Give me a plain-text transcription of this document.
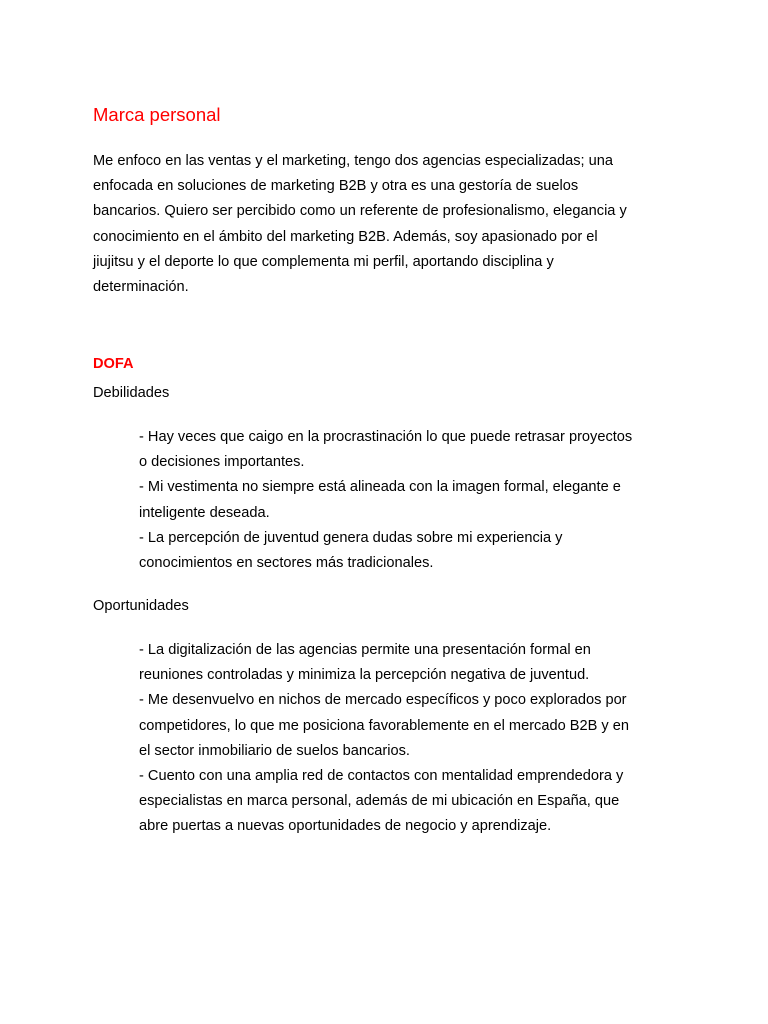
Marca personal

Me enfoco en las ventas y el marketing, tengo dos agencias especializadas; una
enfocada en soluciones de marketing B2B y otra es una gestoría de suelos
bancarios. Quiero ser percibido como un referente de profesionalismo, elegancia y
conocimiento en el ámbito del marketing B2B. Además, soy apasionado por el
jiujitsu y el deporte lo que complementa mi perfil, aportando disciplina y
determinación.

DOFA

Debilidades

- Hay veces que caigo en la procrastinación lo que puede retrasar proyectos
o decisiones importantes.
- Mi vestimenta no siempre está alineada con la imagen formal, elegante e
inteligente deseada.
- La percepción de juventud genera dudas sobre mi experiencia y
conocimientos en sectores más tradicionales.

Oportunidades

- La digitalización de las agencias permite una presentación formal en
reuniones controladas y minimiza la percepción negativa de juventud.
- Me desenvuelvo en nichos de mercado específicos y poco explorados por
competidores, lo que me posiciona favorablemente en el mercado B2B y en
el sector inmobiliario de suelos bancarios.
- Cuento con una amplia red de contactos con mentalidad emprendedora y
especialistas en marca personal, además de mi ubicación en España, que
abre puertas a nuevas oportunidades de negocio y aprendizaje.
